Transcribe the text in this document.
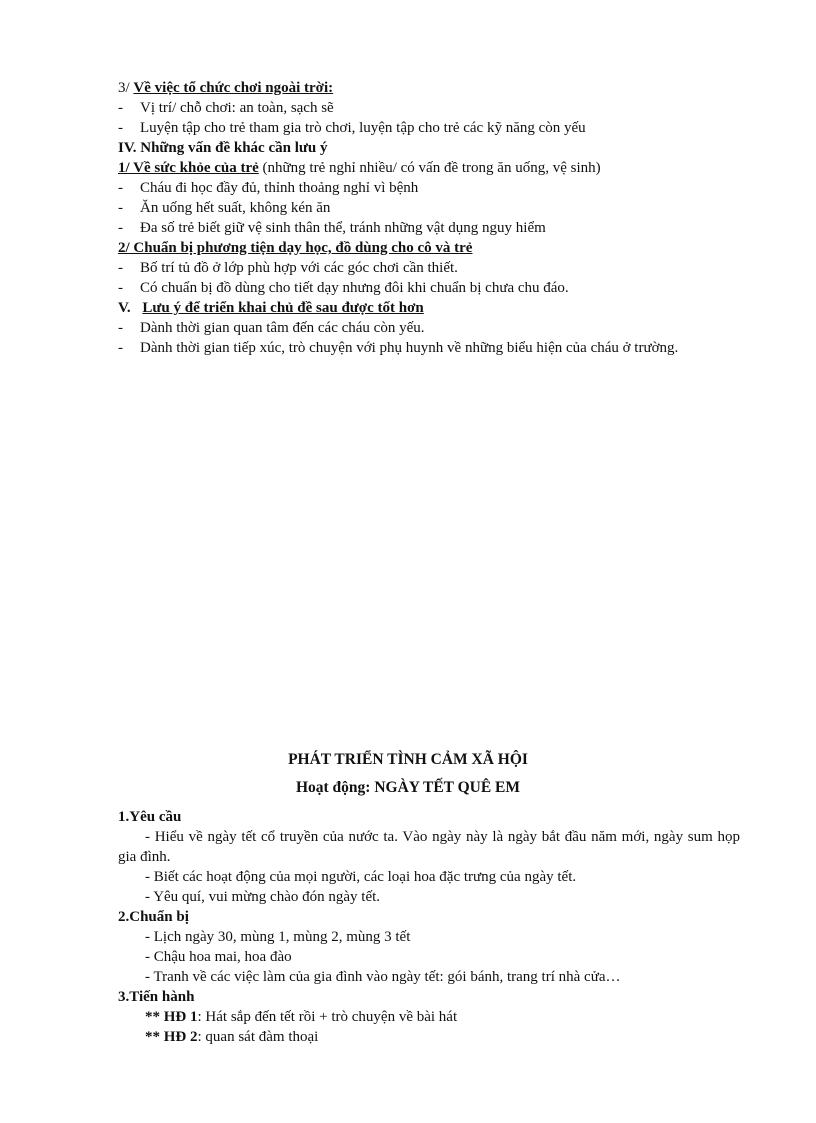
3/ Về việc tổ chức chơi ngoài trời:
- Vị trí/ chỗ chơi: an toàn, sạch sẽ
- Luyện tập cho trẻ tham gia trò chơi, luyện tập cho trẻ các kỹ năng còn yếu
IV. Những vấn đề khác cần lưu ý
1/ Về sức khỏe của trẻ (những trẻ nghỉ nhiều/ có vấn đề trong ăn uống, vệ sinh)
- Cháu đi học đầy đủ, thỉnh thoảng nghỉ vì bệnh
- Ăn uống hết suất, không kén ăn
- Đa số trẻ biết giữ vệ sinh thân thể, tránh những vật dụng nguy hiểm
2/ Chuẩn bị phương tiện dạy học, đồ dùng cho cô và trẻ
- Bố trí tủ đồ ở lớp phù hợp với các góc chơi cần thiết.
- Có chuẩn bị đồ dùng cho tiết dạy nhưng đôi khi chuẩn bị chưa chu đáo.
V. Lưu ý để triển khai chủ đề sau được tốt hơn
- Dành thời gian quan tâm đến các cháu còn yếu.
-	Dành thời gian tiếp xúc, trò chuyện với phụ huynh về những biểu hiện của cháu ở trường.
PHÁT TRIỂN TÌNH CẢM XÃ HỘI
Hoạt động: NGÀY TẾT QUÊ EM
1.Yêu cầu
- Hiểu về ngày tết cổ truyền của nước ta. Vào ngày này là ngày bắt đầu năm mới, ngày sum họp gia đình.
- Biết các hoạt động của mọi người, các loại hoa đặc trưng của ngày tết.
- Yêu quí, vui mừng chào đón ngày tết.
2.Chuẩn bị
- Lịch ngày 30, mùng 1, mùng 2, mùng 3 tết
- Chậu hoa mai, hoa đào
- Tranh về các việc làm của gia đình vào ngày tết: gói bánh, trang trí nhà cửa…
3.Tiến hành
** HĐ 1: Hát sắp đến tết rồi + trò chuyện về bài hát
** HĐ 2: quan sát đàm thoại
